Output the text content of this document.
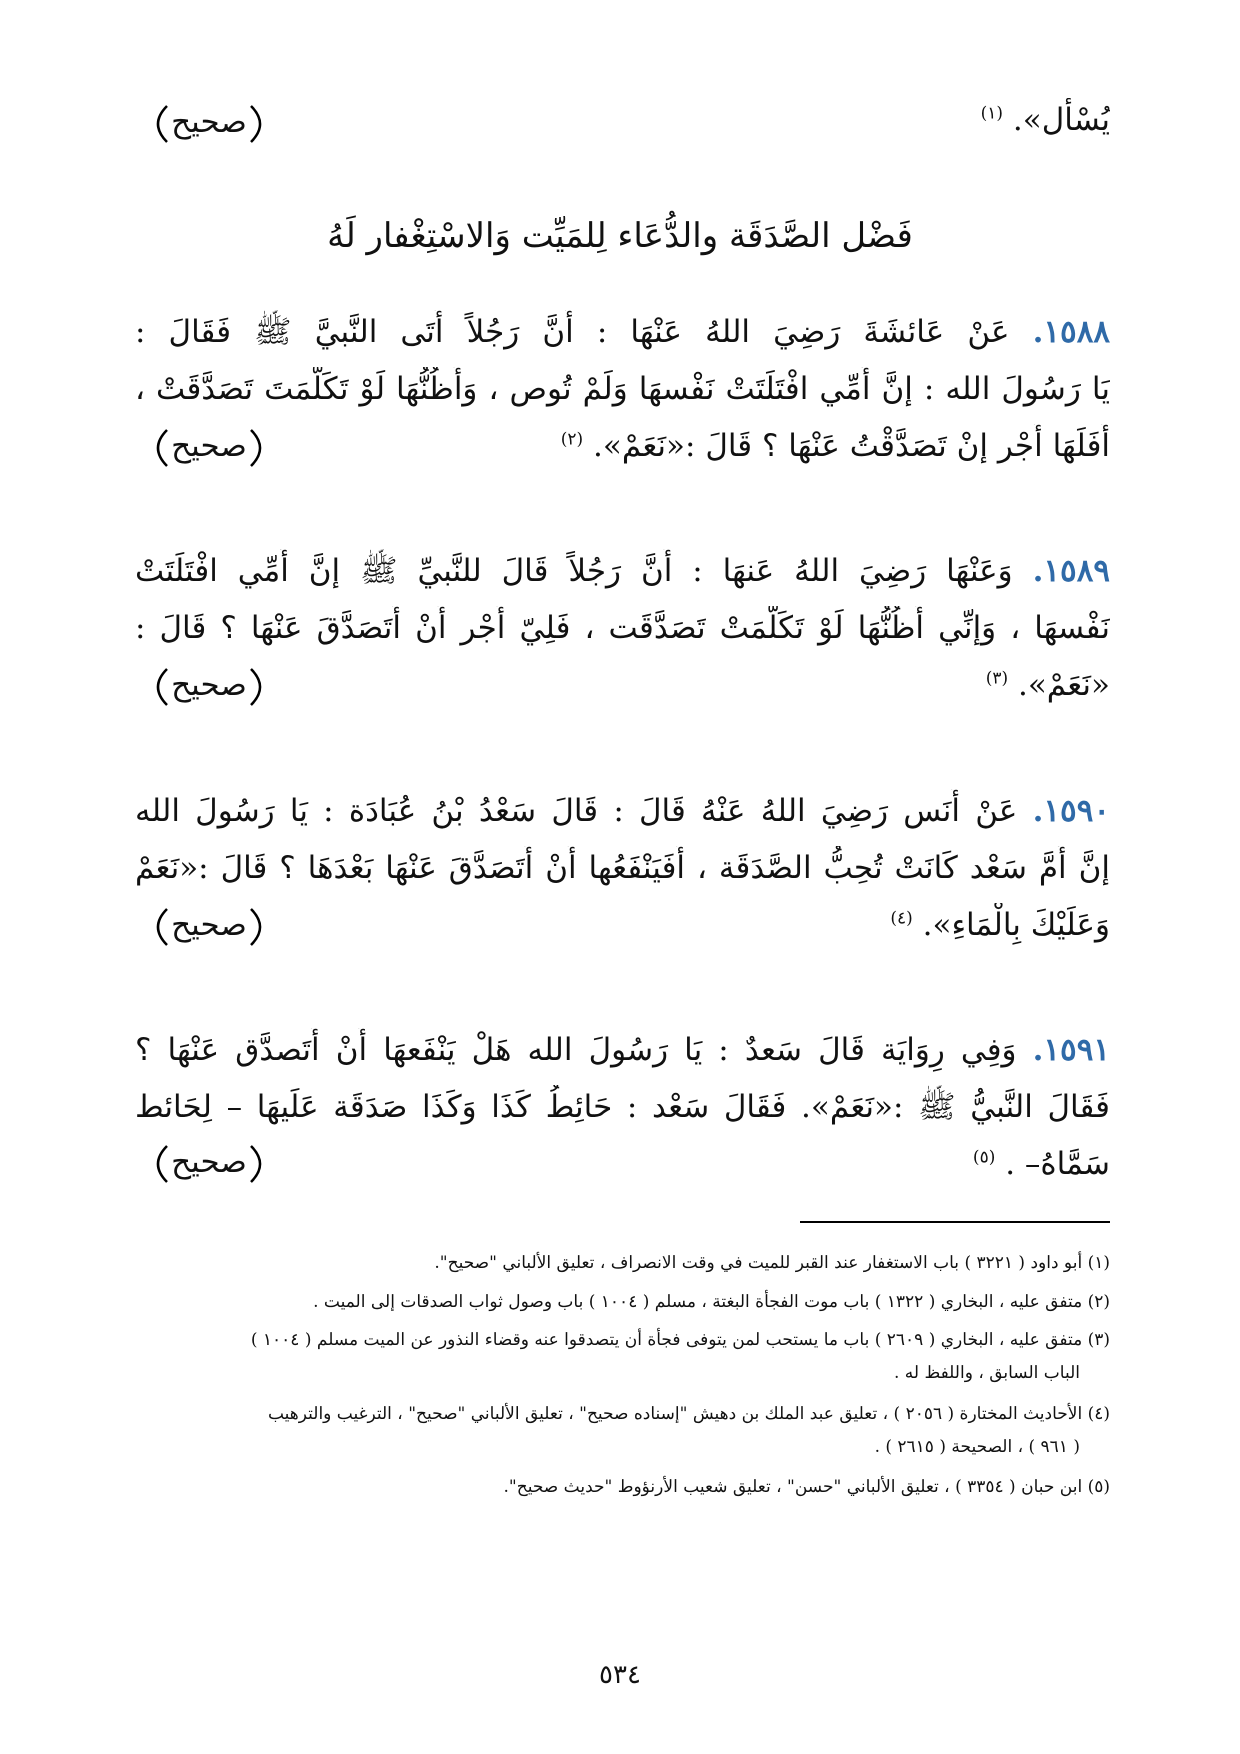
يُسْأَل». $^{(١)}$
صحيح
فَضْل الصَّدَقَة والدُّعَاء لِلمَيِّت وَالاسْتِغْفار لَهُ
١٥٨٨. عَنْ عَائشَةَ رَضِيَ اللهُ عَنْهَا : أَنَّ رَجُلاً أَتَى النَّبيَّ ﷺ فَقَالَ :
يَا رَسُولَ الله : إنَّ أُمِّي افْتَلَتَتْ نَفْسهَا وَلَمْ تُوص ، وَأَظُنُّهَا لَوْ تَكَلَّمَتَ تَصَدَّقَتْ ،
أَفَلَهَا أَجْر إنْ تَصَدَّقْتُ عَنْهَا ؟ قَالَ :«نَعَمْ». $^{(٢)}$
صحيح
١٥٨٩. وَعَنْهَا رَضِيَ اللهُ عَنهَا : أَنَّ رَجُلاً قَالَ للنَّبيِّ ﷺ إنَّ أُمِّي افْتَلَتَتْ
نَفْسهَا ، وَإنِّي أَظُنُّهَا لَوْ تَكَلَّمَتْ تَصَدَّقَت ، فَلِيّ أَجْر أَنْ أَتَصَدَّقَ عَنْهَا ؟ قَالَ :
«نَعَمْ». $^{(٣)}$
صحيح
١٥٩٠. عَنْ أَنَس رَضِيَ اللهُ عَنْهُ قَالَ : قَالَ سَعْدُ بْنُ عُبَادَة : يَا رَسُولَ الله
إنَّ أُمَّ سَعْد كَانَتْ تُحِبُّ الصَّدَقَة ، أَفَيَنْفَعُها أَنْ أَتَصَدَّقَ عَنْهَا بَعْدَهَا ؟ قَالَ :«نَعَمْ
وَعَلَيْكَ بِالْمَاءِ». $^{(٤)}$
صحيح
١٥٩١. وَفِي رِوَايَة قَالَ سَعدٌ : يَا رَسُولَ الله هَلْ يَنْفَعهَا أَنْ أَتَصدَّق عَنْهَا ؟
فَقَالَ النَّبيُّ ﷺ :«نَعَمْ». فَقَالَ سَعْد : حَائِطُ كَذَا وَكَذَا صَدَقَة عَلَيهَا – لِحَائط
سَمَّاهُ– . $^{(٥)}$
صحيح
(١) أبو داود ( ٣٢٢١ ) باب الاستغفار عند القبر للميت في وقت الانصراف ، تعليق الألباني "صحيح".
(٢) متفق عليه ، البخاري ( ١٣٢٢ ) باب موت الفجأة البغتة ، مسلم ( ١٠٠٤ ) باب وصول ثواب الصدقات إلى الميت .
(٣) متفق عليه ، البخاري ( ٢٦٠٩ ) باب ما يستحب لمن يتوفى فجأة أن يتصدقوا عنه وقضاء النذور عن الميت مسلم ( ١٠٠٤ )
الباب السابق ، واللفظ له .
(٤) الأحاديث المختارة ( ٢٠٥٦ ) ، تعليق عبد الملك بن دهيش "إسناده صحيح" ، تعليق الألباني "صحيح" ، الترغيب والترهيب
( ٩٦١ ) ، الصحيحة ( ٢٦١٥ ) .
(٥) ابن حبان ( ٣٣٥٤ ) ، تعليق الألباني "حسن" ، تعليق شعيب الأرنؤوط "حديث صحيح".
٥٣٤
